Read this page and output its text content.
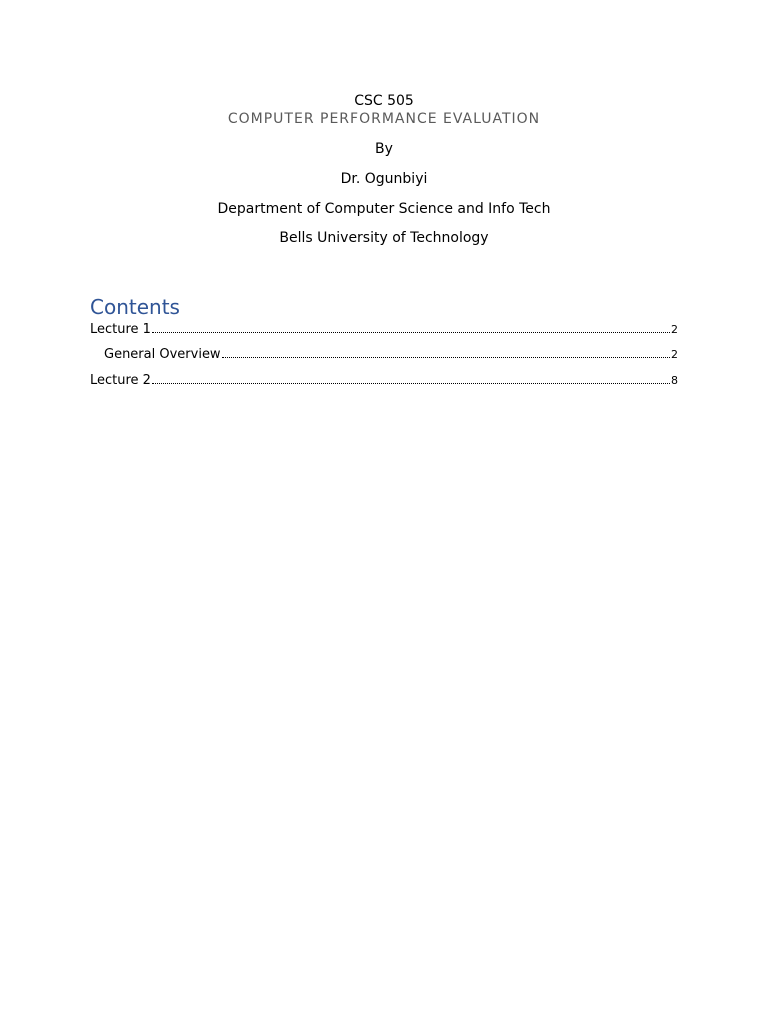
CSC 505
COMPUTER PERFORMANCE EVALUATION
By
Dr. Ogunbiyi
Department of Computer Science and Info Tech
Bells University of Technology
Contents
Lecture 1	2
General Overview	2
Lecture 2	8
